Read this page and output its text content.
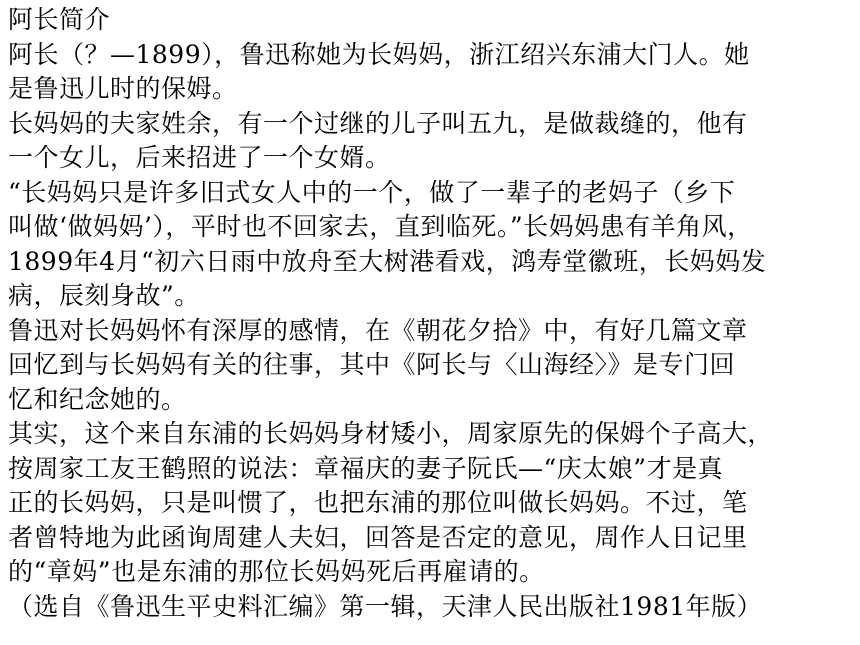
阿长简介
阿长（？—1899），鲁迅称她为长妈妈，浙江绍兴东浦大门人。她
是鲁迅儿时的保姆。
长妈妈的夫家姓余，有一个过继的儿子叫五九，是做裁缝的，他有
一个女儿，后来招进了一个女婿。
“长妈妈只是许多旧式女人中的一个，做了一辈子的老妈子（乡下
叫做‘做妈妈’），平时也不回家去，直到临死。”长妈妈患有羊角风，
1899年4月“初六日雨中放舟至大树港看戏，鸿寿堂徽班，长妈妈发
病，辰刻身故”。
鲁迅对长妈妈怀有深厚的感情，在《朝花夕拾》中，有好几篇文章
回忆到与长妈妈有关的往事，其中《阿长与〈山海经〉》是专门回
忆和纪念她的。
其实，这个来自东浦的长妈妈身材矮小，周家原先的保姆个子高大，
按周家工友王鹤照的说法：章福庆的妻子阮氏—“庆太娘”才是真
正的长妈妈，只是叫惯了，也把东浦的那位叫做长妈妈。不过，笔
者曾特地为此函询周建人夫妇，回答是否定的意见，周作人日记里
的“章妈”也是东浦的那位长妈妈死后再雇请的。
（选自《鲁迅生平史料汇编》第一辑，天津人民出版社1981年版）
